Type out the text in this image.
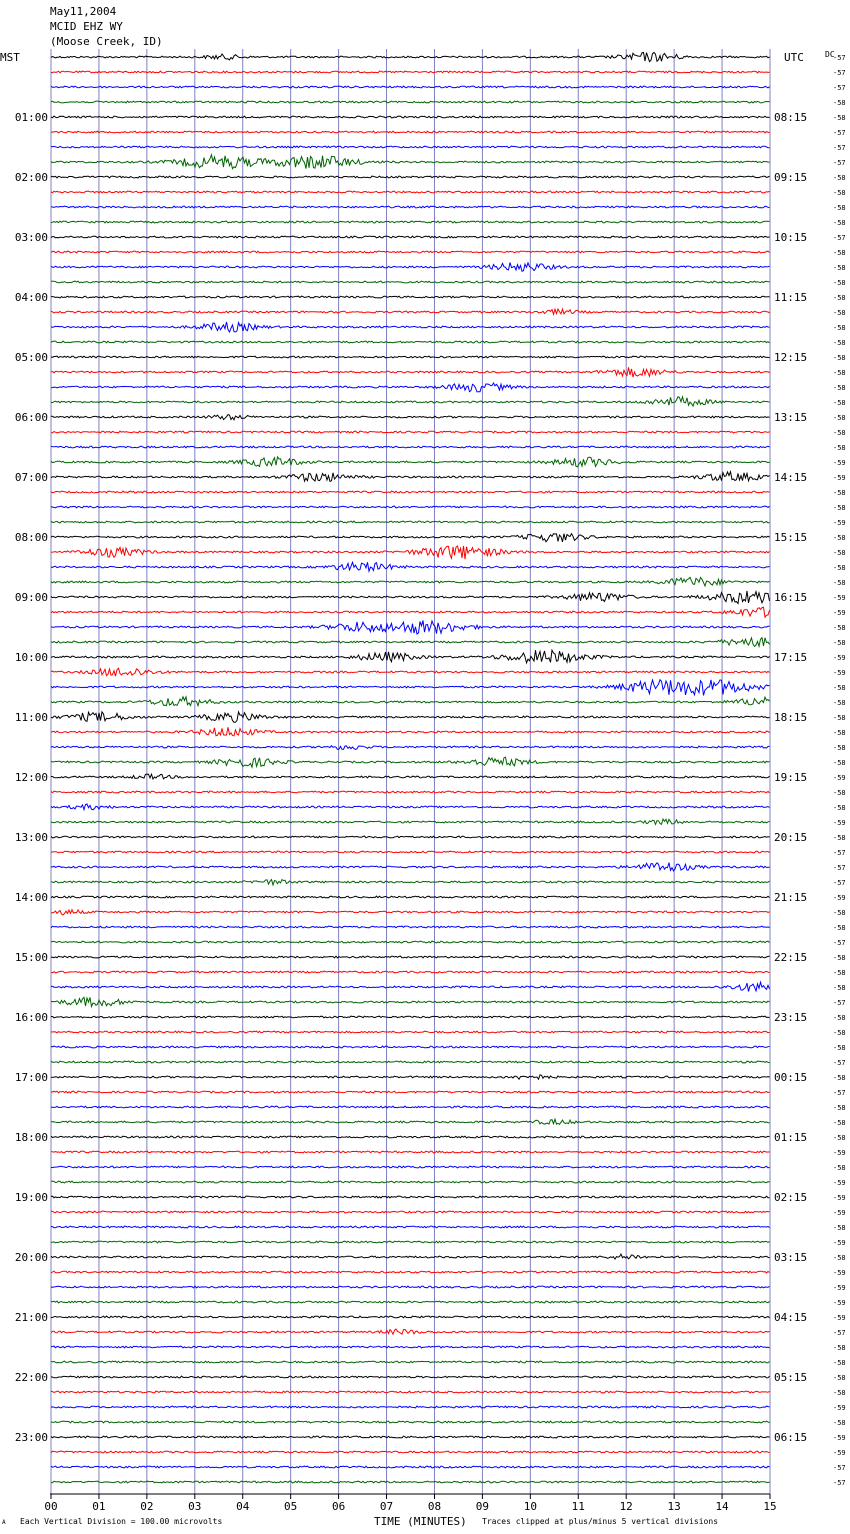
00	01	02	03	04	05	06	07	08	09	10	11	12	13	14	15
-57
-57
-57
-58
-58
-57
-57
-57
-58
-58
-58
-58
-57
-58
-58
-58
-58
-58
-58
-58
-58
-58
-58
-58
-58
-58
-58
-59
-59
-58
-58
-59
-58
-58
-58
-58
-59
-59
-58
-58
-59
-59
-58
-58
-58
-58
-58
-58
-59
-58
-58
-59
-58
-57
-57
-57
-59
-58
-58
-57
-58
-58
-58
-57
-58
-58
-58
-57
-58
-57
-58
-58
-58
-59
-58
-59
-59
-59
-58
-59
-58
-59
-59
-59
-59
-57
-58
-58
-58
-58
-59
-58
-59
-59
-57
-57
01:00
02:00
03:00
04:00
05:00
06:00
07:00
08:00
09:00
10:00
11:00
12:00
13:00
14:00
15:00
16:00
17:00
18:00
19:00
20:00
21:00
22:00
23:00
08:15
09:15
10:15
11:15
12:15
13:15
14:15
15:15
16:15
17:15
18:15
19:15
20:15
21:15
22:15
23:15
00:15
01:15
02:15
03:15
04:15
05:15
06:15
May11,2004
MCID EHZ WY
(Moose Creek, ID)
MST	UTC	DC
A Each Vertical Division = 100.00 microvolts	TIME (MINUTES) Traces clipped at plus/minus 5 vertical divisions
